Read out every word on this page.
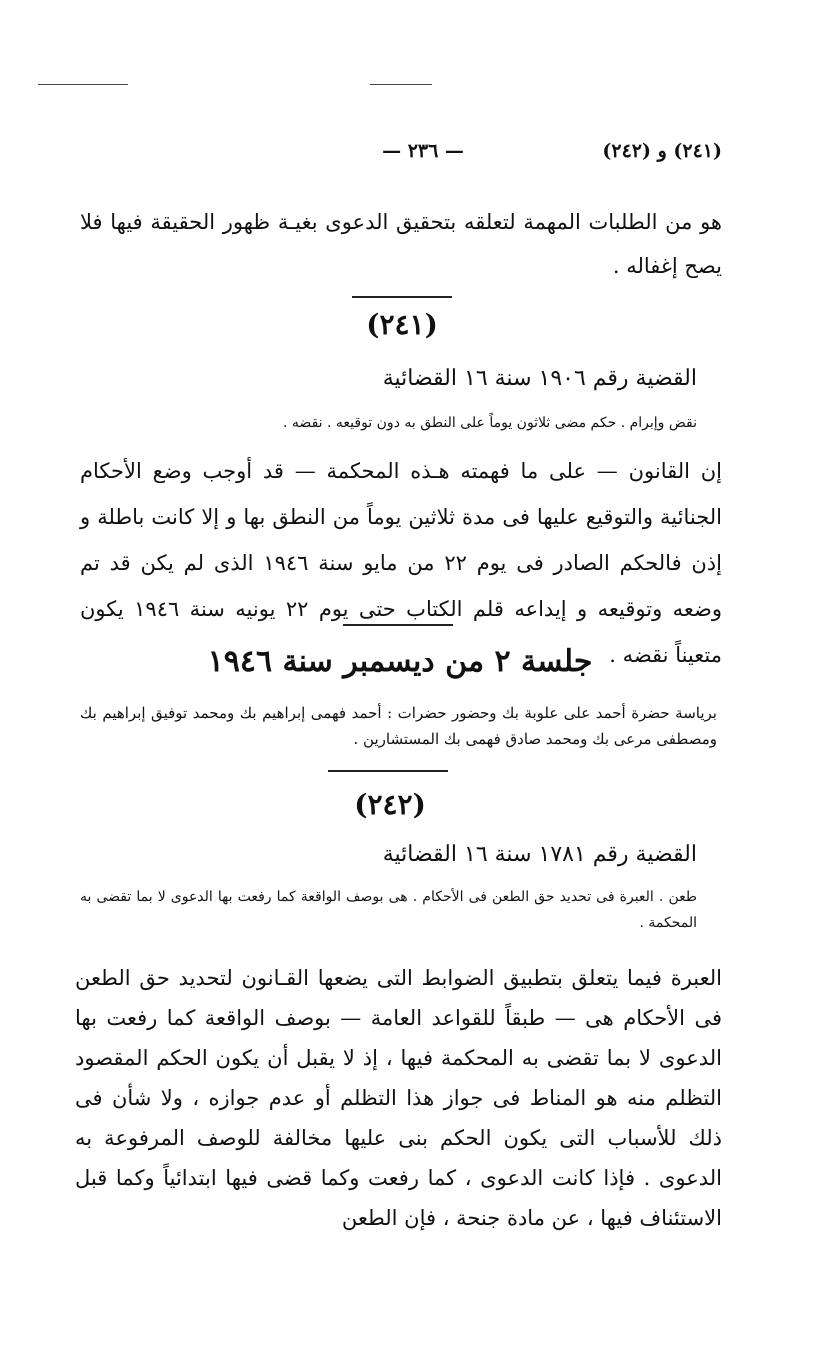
(٢٤١) و (٢٤٢)
— ٢٣٦ —
هو من الطلبات المهمة لتعلقه بتحقيق الدعوى بغيـة ظهور الحقيقة فيها فلا يصح إغفاله .
(٢٤١)
القضية رقم ١٩٠٦ سنة ١٦ القضائية
نقض وإبرام . حكم مضى ثلاثون يوماً على النطق به دون توقيعه . نقضه .
إن القانون — على ما فهمته هـذه المحكمة — قد أوجب وضع الأحكام الجنائية والتوقيع عليها فى مدة ثلاثين يوماً من النطق بها و إلا كانت باطلة و إذن فالحكم الصادر فى يوم ٢٢ من مايو سنة ١٩٤٦ الذى لم يكن قد تم وضعه وتوقيعه و إيداعه قلم الكتاب حتى يوم ٢٢ يونيه سنة ١٩٤٦ يكون متعيناً نقضه .
جلسة ٢ من ديسمبر سنة ١٩٤٦
برياسة حضرة أحمد على علوبة بك وحضور حضرات : أحمد فهمى إبراهيم بك ومحمد توفيق إبراهيم بك ومصطفى مرعى بك ومحمد صادق فهمى بك المستشارين .
(٢٤٢)
القضية رقم ١٧٨١ سنة ١٦ القضائية
طعن . العبرة فى تحديد حق الطعن فى الأحكام . هى بوصف الواقعة كما رفعت بها الدعوى لا بما تقضى به المحكمة .
العبرة فيما يتعلق بتطبيق الضوابط التى يضعها القـانون لتحديد حق الطعن فى الأحكام هى — طبقاً للقواعد العامة — بوصف الواقعة كما رفعت بها الدعوى لا بما تقضى به المحكمة فيها ، إذ لا يقبل أن يكون الحكم المقصود التظلم منه هو المناط فى جواز هذا التظلم أو عدم جوازه ، ولا شأن فى ذلك للأسباب التى يكون الحكم بنى عليها مخالفة للوصف المرفوعة به الدعوى . فإذا كانت الدعوى ، كما رفعت وكما قضى فيها ابتدائياً وكما قبل الاستئناف فيها ، عن مادة جنحة ، فإن الطعن
